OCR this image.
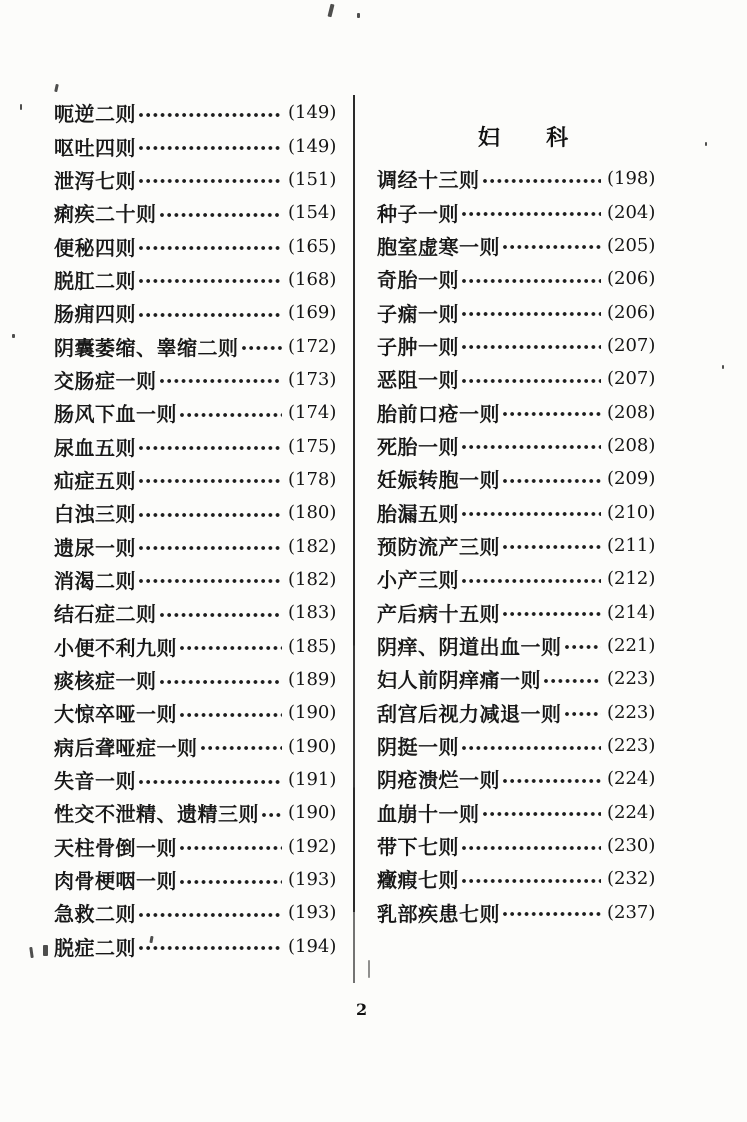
呃逆二则	(149)
呕吐四则	(149)
泄泻七则	(151)
痢疾二十则	(154)
便秘四则	(165)
脱肛二则	(168)
肠痈四则	(169)
阴囊萎缩、睾缩二则	(172)
交肠症一则	(173)
肠风下血一则	(174)
尿血五则	(175)
疝症五则	(178)
白浊三则	(180)
遗尿一则	(182)
消渴二则	(182)
结石症二则	(183)
小便不利九则	(185)
痰核症一则	(189)
大惊卒哑一则	(190)
病后聋哑症一则	(190)
失音一则	(191)
性交不泄精、遗精三则 (190)
天柱骨倒一则	(192)
肉骨梗咽一则	(193)
急救二则	(193)
脱症二则	(194)
妇科
调经十三则	(198)
种子一则	(204)
胞室虚寒一则	(205)
奇胎一则	(206)
子痫一则	(206)
子肿一则	(207)
恶阻一则	(207)
胎前口疮一则	(208)
死胎一则	(208)
妊娠转胞一则	(209)
胎漏五则	(210)
预防流产三则	(211)
小产三则	(212)
产后病十五则	(214)
阴痒、阴道出血一则	(221)
妇人前阴痒痛一则	(223)
刮宫后视力减退一则	(223)
阴挺一则	(223)
阴疮溃烂一则	(224)
血崩十一则	(224)
带下七则	(230)
癥瘕七则	(232)
乳部疾患七则	(237)
2
